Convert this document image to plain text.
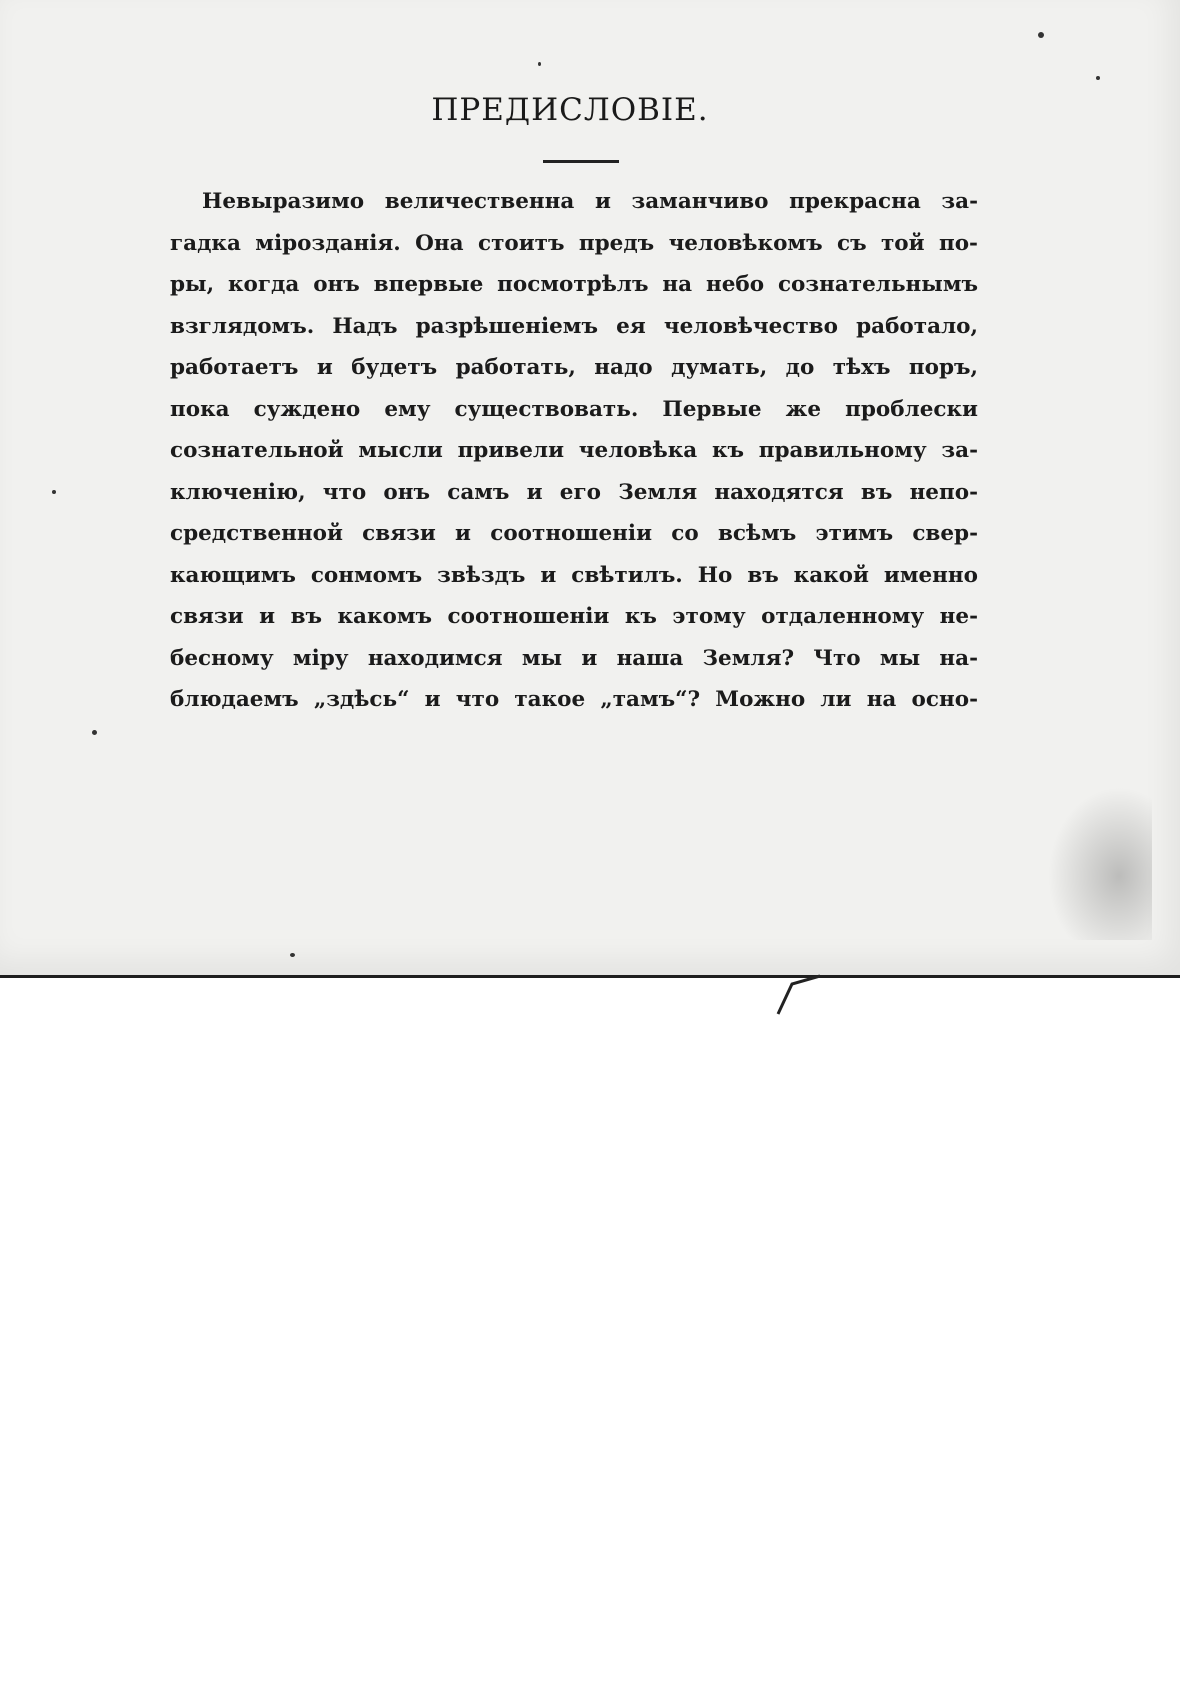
ПРЕДИСЛОВІЕ.
Невыразимо величественна и заманчиво прекрасна за-
гадка мірозданія. Она стоитъ предъ человѣкомъ съ той по-
ры, когда онъ впервые посмотрѣлъ на небо сознательнымъ
взглядомъ. Надъ разрѣшеніемъ ея человѣчество работало,
работаетъ и будетъ работать, надо думать, до тѣхъ поръ,
пока суждено ему существовать. Первые же проблески
сознательной мысли привели человѣка къ правильному за-
ключенію, что онъ самъ и его Земля находятся въ непо-
средственной связи и соотношеніи со всѣмъ этимъ свер-
кающимъ сонмомъ звѣздъ и свѣтилъ. Но въ какой именно
связи и въ какомъ соотношеніи къ этому отдаленному не-
бесному міру находимся мы и наша Земля? Что мы на-
блюдаемъ „здѣсь“ и что такое „тамъ“? Можно ли на осно-
